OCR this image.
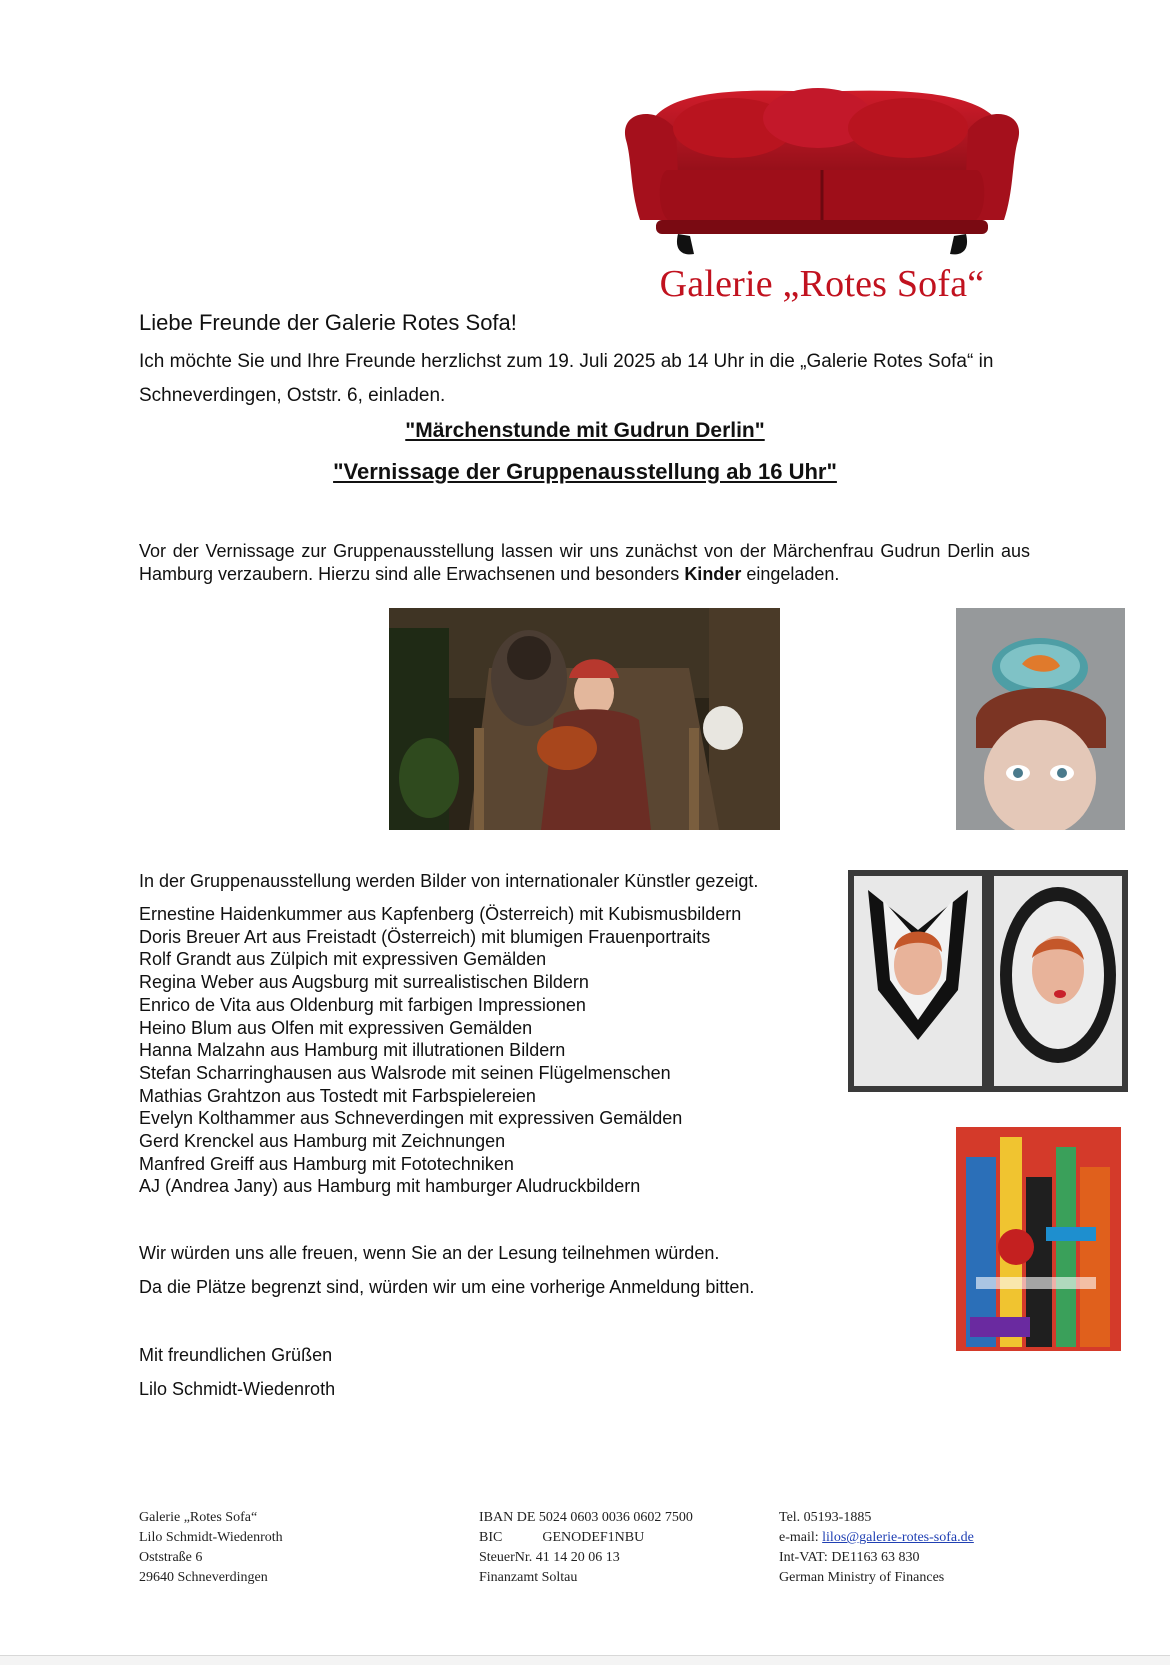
Galerie „Rotes Sofa“
Liebe Freunde der Galerie Rotes Sofa!
Ich möchte Sie und Ihre Freunde herzlichst zum 19. Juli 2025 ab 14 Uhr in die „Galerie Rotes Sofa“ in
Schneverdingen, Oststr. 6, einladen.
"Märchenstunde mit Gudrun Derlin"
"Vernissage der Gruppenausstellung ab 16 Uhr"
Vor der Vernissage zur Gruppenausstellung lassen wir uns zunächst von der Märchenfrau Gudrun Derlin aus Hamburg verzaubern. Hierzu sind alle Erwachsenen und besonders Kinder eingeladen.
In der Gruppenausstellung werden Bilder von internationaler Künstler gezeigt.
Ernestine Haidenkummer aus Kapfenberg (Österreich) mit Kubismusbildern
Doris Breuer Art aus Freistadt (Österreich) mit blumigen Frauenportraits
Rolf Grandt aus Zülpich mit expressiven Gemälden
Regina Weber aus Augsburg mit surrealistischen Bildern
Enrico de Vita aus Oldenburg mit farbigen Impressionen
Heino Blum aus Olfen mit expressiven Gemälden
Hanna Malzahn aus Hamburg mit illutrationen Bildern
Stefan Scharringhausen aus Walsrode mit seinen Flügelmenschen
Mathias Grahtzon aus Tostedt mit Farbspielereien
Evelyn Kolthammer aus Schneverdingen mit expressiven Gemälden
Gerd Krenckel aus Hamburg mit Zeichnungen
Manfred Greiff aus Hamburg mit Fototechniken
AJ (Andrea Jany) aus Hamburg mit hamburger Aludruckbildern
Wir würden uns alle freuen, wenn Sie an der Lesung teilnehmen würden.
Da die Plätze begrenzt sind, würden wir um eine vorherige Anmeldung bitten.
Mit freundlichen Grüßen
Lilo Schmidt-Wiedenroth
Galerie „Rotes Sofa“
Lilo Schmidt-Wiedenroth
Oststraße 6
29640 Schneverdingen
IBAN DE 5024 0603 0036 0602 7500
BIC	GENODEF1NBU
SteuerNr. 41 14 20 06 13
Finanzamt Soltau
Tel. 05193-1885
e-mail: lilos@galerie-rotes-sofa.de
Int-VAT: DE1163 63 830
German Ministry of Finances
